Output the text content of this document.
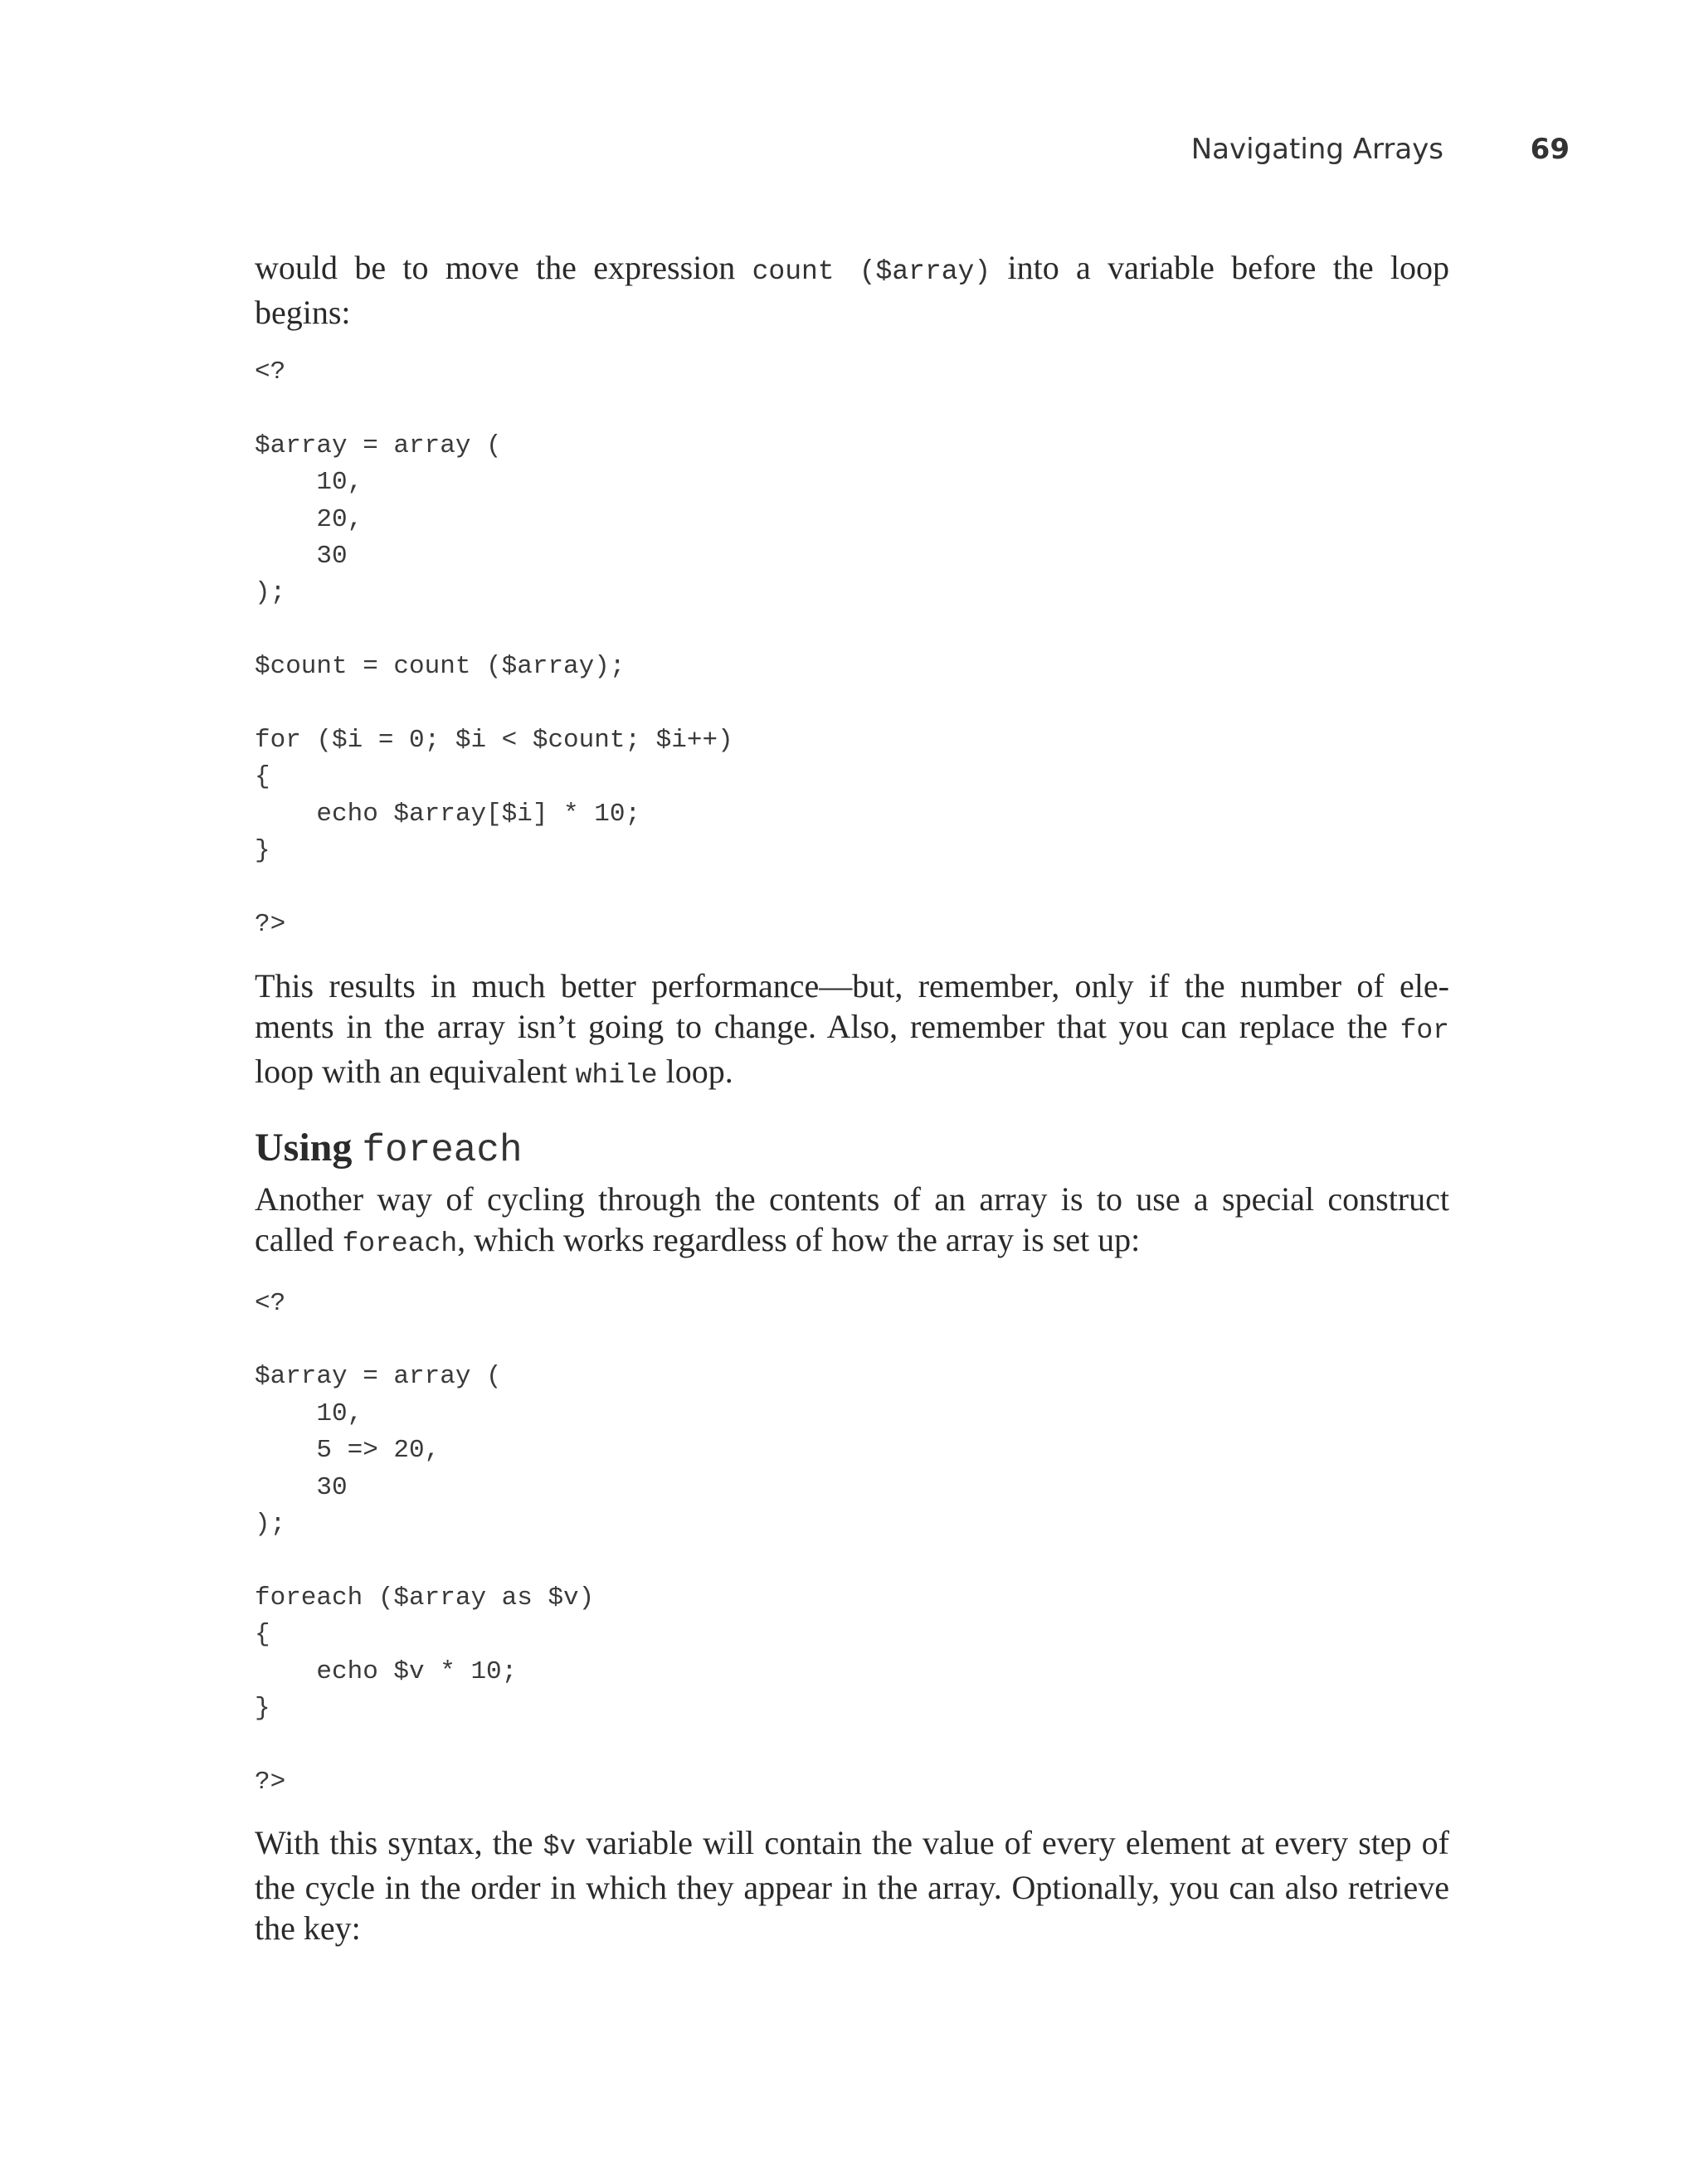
Navigating Arrays	69

would be to move the expression count ($array) into a variable before the loop
begins:

<?

$array = array (
10,
20,
30
);

$count = count ($array);

for ($i = 0; $i < $count; $i++)
{
echo $array[$i] * 10;
}

?>

This results in much better performance—but, remember, only if the number of ele-
ments in the array isn’t going to change. Also, remember that you can replace the for
loop with an equivalent while loop.

Using foreach

Another way of cycling through the contents of an array is to use a special construct
called foreach, which works regardless of how the array is set up:

<?

$array = array (
10,
5 => 20,
30
);

foreach ($array as $v)
{
echo $v * 10;
}

?>

With this syntax, the $v variable will contain the value of every element at every step of
the cycle in the order in which they appear in the array. Optionally, you can also retrieve
the key:
